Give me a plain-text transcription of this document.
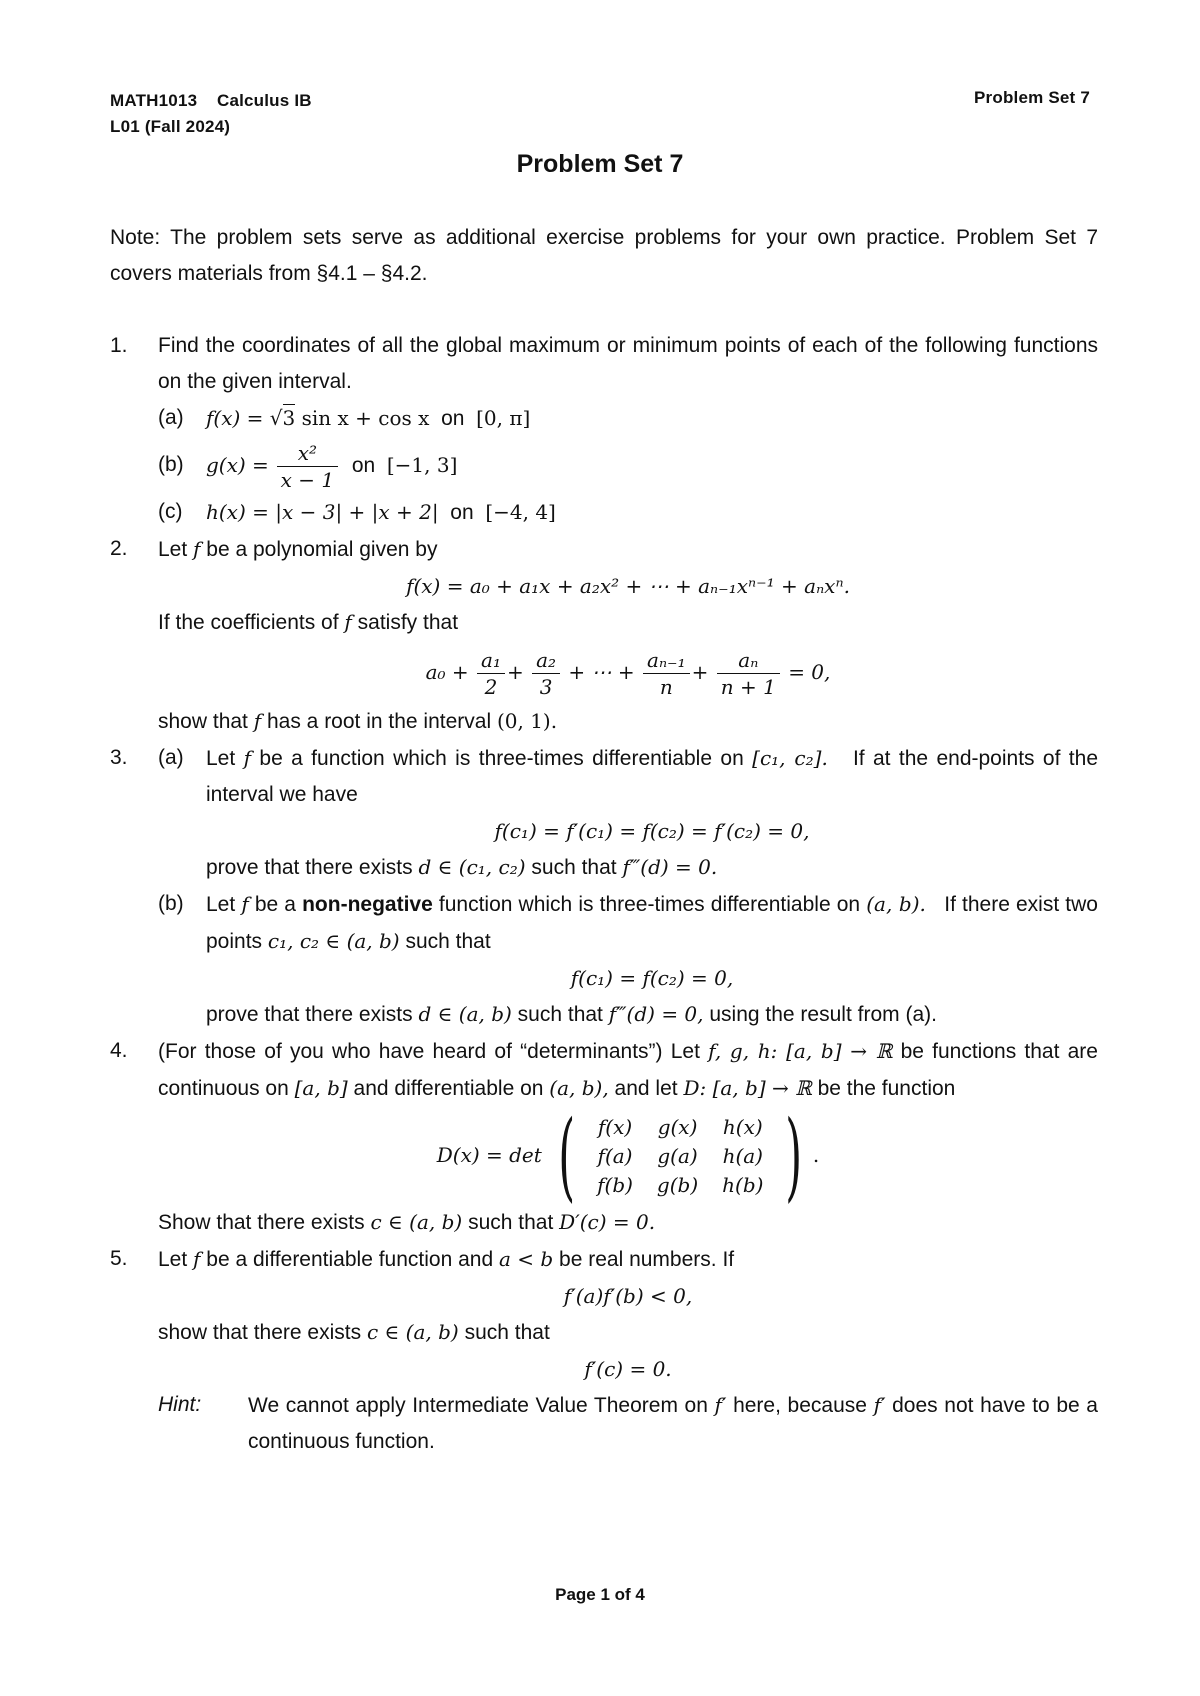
MATH1013 Calculus IB
L01 (Fall 2024)
Problem Set 7
Problem Set 7
Note: The problem sets serve as additional exercise problems for your own practice. Problem Set 7 covers materials from §4.1 – §4.2.
1. Find the coordinates of all the global maximum or minimum points of each of the following functions on the given interval.
(a) f(x) = √3 sin x + cos x on [0, π]
(b) $g(x) = \frac{\text{x²}}{x - 1}$ on [−1, 3]
(c) h(x) = |x − 3| + |x + 2| on [−4, 4]
2. Let f be a polynomial given by
f(x) = a₀ + a₁x + a₂x² + ⋯ + aₙ₋₁xⁿ⁻¹ + aₙxⁿ.
If the coefficients of f satisfy that
$a_0 + \frac{\text{a₁}}{2} + \frac{\text{a₂}}{3}$ + ⋯ + $\frac{\text{aₙ₋₁}}{n} + \frac{\text{aₙ}}{n + 1} = 0$,
show that f has a root in the interval (0, 1).
3. (a) Let f be a function which is three-times differentiable on [c₁, c₂]. If at the end-points of the interval we have
f(c₁) = f′(c₁) = f(c₂) = f′(c₂) = 0,
prove that there exists d ∈ (c₁, c₂) such that f‴(d) = 0.
(b) Let f be a non-negative function which is three-times differentiable on (a, b). If there exist two points c₁, c₂ ∈ (a, b) such that
f(c₁) = f(c₂) = 0,
prove that there exists d ∈ (a, b) such that f‴(d) = 0, using the result from (a).
4. (For those of you who have heard of “determinants”) Let f, g, h: [a, b] → ℝ be functions that are continuous on [a, b] and differentiable on (a, b), and let D: [a, b] → ℝ be the function
D(x) = det ( f(x)	g(x)	h(x)
f(a)	g(a)	h(a)
f(b)	g(b)	h(b) ) .
Show that there exists c ∈ (a, b) such that D′(c) = 0.
5. Let f be a differentiable function and a < b be real numbers. If
f′(a)f′(b) < 0,
show that there exists c ∈ (a, b) such that
f′(c) = 0.
Hint: We cannot apply Intermediate Value Theorem on f′ here, because f′ does not have to be a continuous function.
Page 1 of 4
